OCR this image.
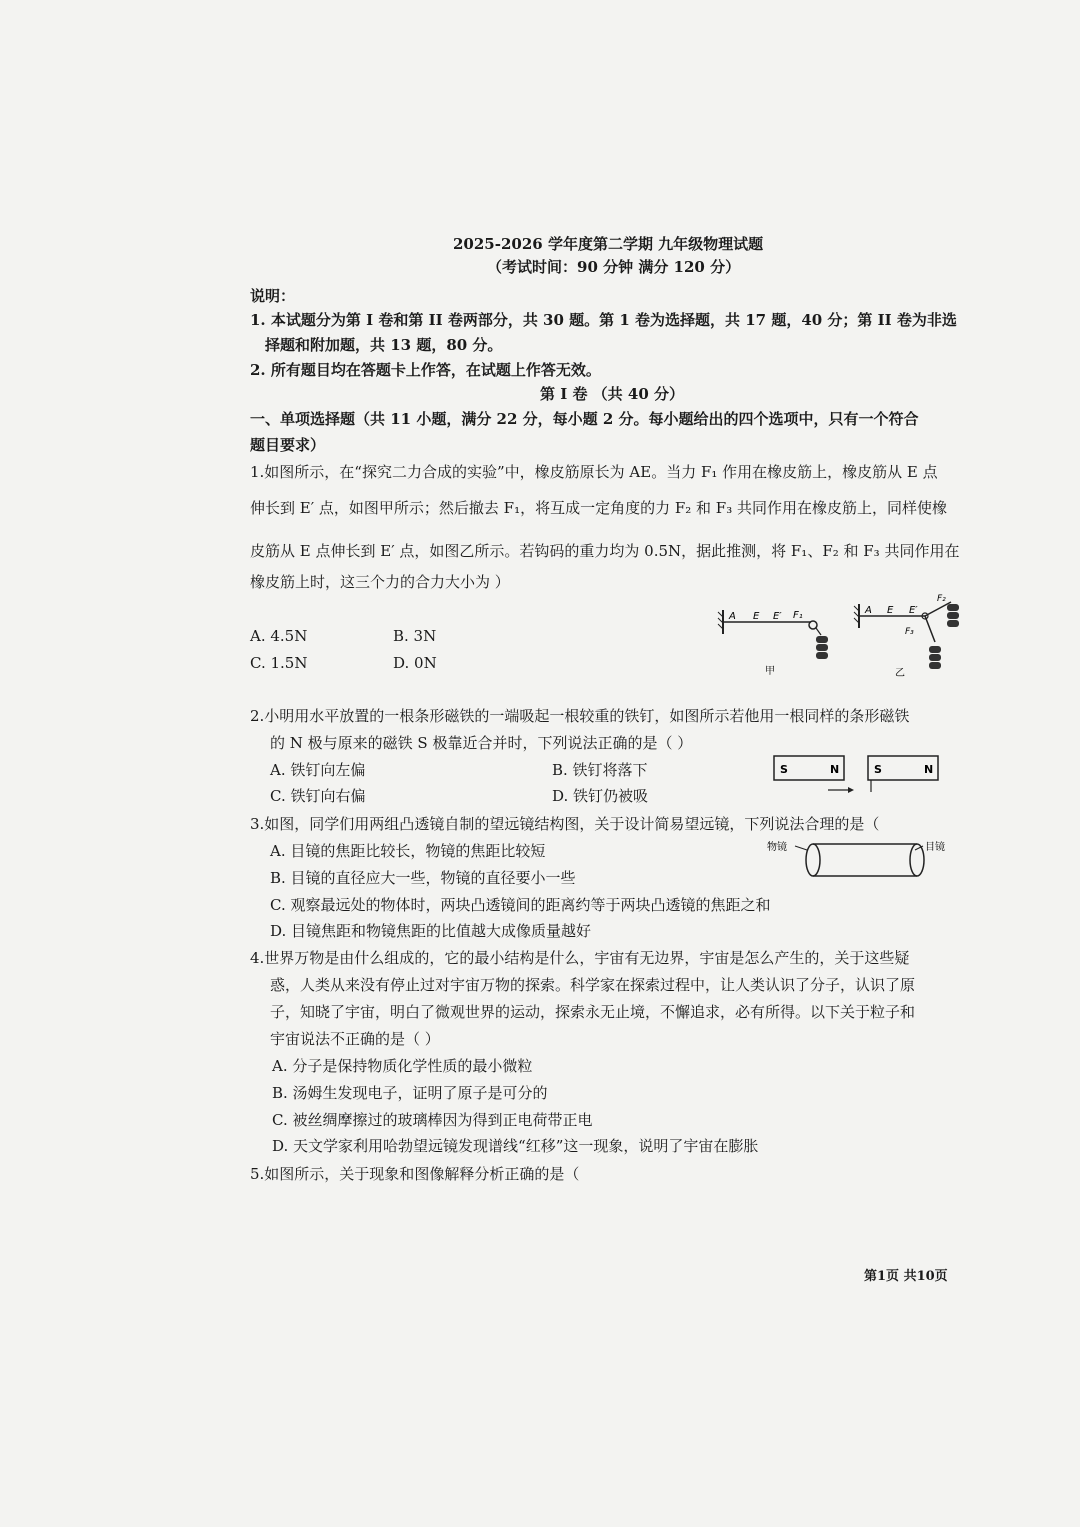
2025-2026 学年度第二学期 九年级物理试题
（考试时间：90 分钟 满分 120 分）
说明：
1. 本试题分为第 I 卷和第 II 卷两部分，共 30 题。第 1 卷为选择题，共 17 题，40 分；第 II 卷为非选
择题和附加题，共 13 题，80 分。
2. 所有题目均在答题卡上作答，在试题上作答无效。
第 I 卷 （共 40 分）
一、单项选择题（共 11 小题，满分 22 分，每小题 2 分。每小题给出的四个选项中，只有一个符合
题目要求）
1.如图所示，在“探究二力合成的实验”中，橡皮筋原长为 AE。当力 F₁ 作用在橡皮筋上，橡皮筋从 E 点
伸长到 E′ 点，如图甲所示；然后撤去 F₁，将互成一定角度的力 F₂ 和 F₃ 共同作用在橡皮筋上，同样使橡
皮筋从 E 点伸长到 E′ 点，如图乙所示。若钩码的重力均为 0.5N，据此推测，将 F₁、F₂ 和 F₃ 共同作用在
橡皮筋上时，这三个力的合力大小为 ）
A. 4.5N	B. 3N
C. 1.5N	D. 0N
A E E′ F₁
甲
A E E′
F₂
F₃
乙
2.小明用水平放置的一根条形磁铁的一端吸起一根较重的铁钉，如图所示若他用一根同样的条形磁铁
的 N 极与原来的磁铁 S 极靠近合并时，下列说法正确的是（ ）
A. 铁钉向左偏	B. 铁钉将落下
C. 铁钉向右偏	D. 铁钉仍被吸
S	N	S	N
3.如图，同学们用两组凸透镜自制的望远镜结构图，关于设计简易望远镜，下列说法合理的是（
A. 目镜的焦距比较长，物镜的焦距比较短
B. 目镜的直径应大一些，物镜的直径要小一些
C. 观察最远处的物体时，两块凸透镜间的距离约等于两块凸透镜的焦距之和
D. 目镜焦距和物镜焦距的比值越大成像质量越好
物镜	目镜
4.世界万物是由什么组成的，它的最小结构是什么，宇宙有无边界，宇宙是怎么产生的，关于这些疑
惑，人类从来没有停止过对宇宙万物的探索。科学家在探索过程中，让人类认识了分子，认识了原
子，知晓了宇宙，明白了微观世界的运动，探索永无止境，不懈追求，必有所得。以下关于粒子和
宇宙说法不正确的是（ ）
A. 分子是保持物质化学性质的最小微粒
B. 汤姆生发现电子，证明了原子是可分的
C. 被丝绸摩擦过的玻璃棒因为得到正电荷带正电
D. 天文学家利用哈勃望远镜发现谱线“红移”这一现象，说明了宇宙在膨胀
5.如图所示，关于现象和图像解释分析正确的是（
第1页 共10页
